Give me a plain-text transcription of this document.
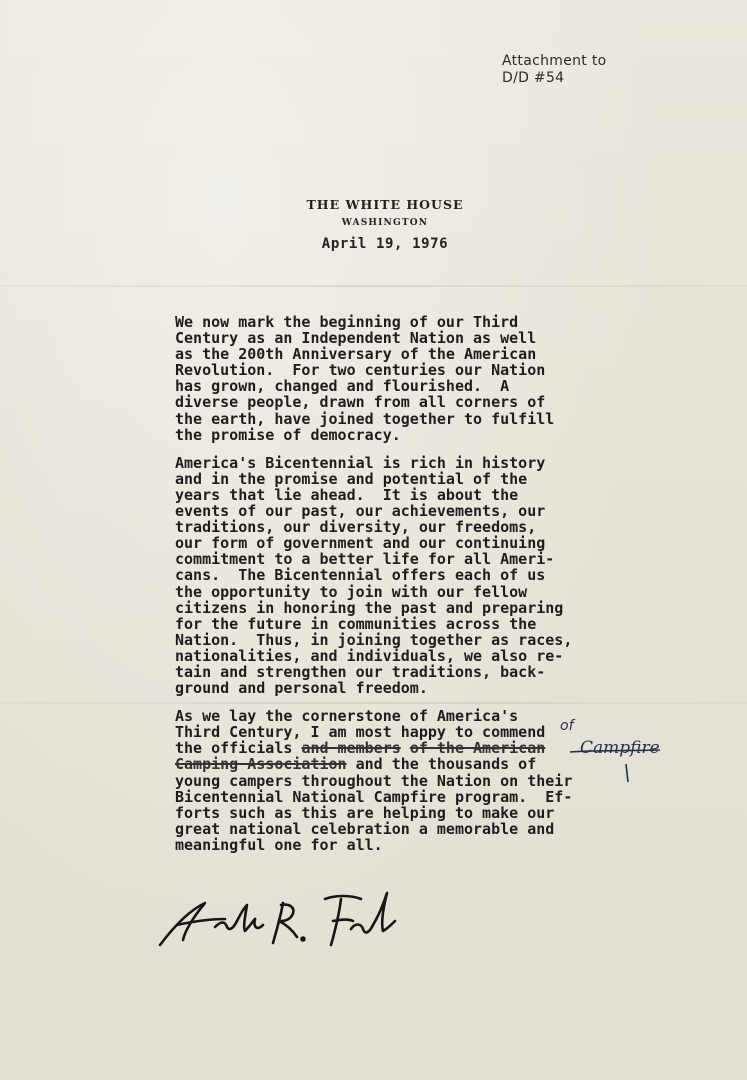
Attachment to
D/D #54
THE WHITE HOUSE
WASHINGTON
April 19, 1976
We now mark the beginning of our Third
Century as an Independent Nation as well
as the 200th Anniversary of the American
Revolution.  For two centuries our Nation
has grown, changed and flourished.  A
diverse people, drawn from all corners of
the earth, have joined together to fulfill
the promise of democracy.
America's Bicentennial is rich in history
and in the promise and potential of the
years that lie ahead.  It is about the
events of our past, our achievements, our
traditions, our diversity, our freedoms,
our form of government and our continuing
commitment to a better life for all Ameri-
cans.  The Bicentennial offers each of us
the opportunity to join with our fellow
citizens in honoring the past and preparing
for the future in communities across the
Nation.  Thus, in joining together as races,
nationalities, and individuals, we also re-
tain and strengthen our traditions, back-
ground and personal freedom.
As we lay the cornerstone of America's
Third Century, I am most happy to commend
the officials and members of the American
Camping Association and the thousands of
young campers throughout the Nation on their
Bicentennial National Campfire program.  Ef-
forts such as this are helping to make our
great national celebration a memorable and
meaningful one for all.
of
Campfire
